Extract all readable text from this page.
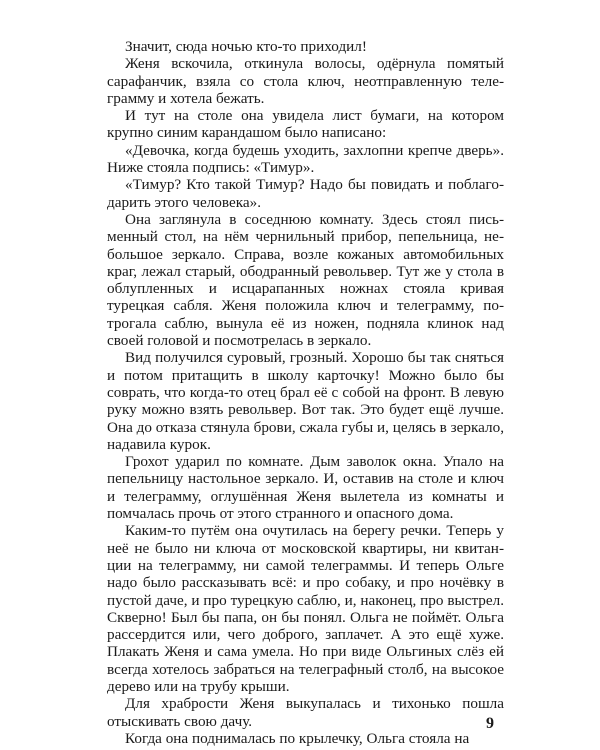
Значит, сюда ночью кто-то приходил!

Женя вскочила, откинула волосы, одёрнула помятый сарафанчик, взяла со стола ключ, неотправленную телеграмму и хотела бежать.

И тут на столе она увидела лист бумаги, на котором крупно синим карандашом было написано:

«Девочка, когда будешь уходить, захлопни крепче дверь». Ниже стояла подпись: «Тимур».

«Тимур? Кто такой Тимур? Надо бы повидать и поблагодарить этого человека».

Она заглянула в соседнюю комнату. Здесь стоял письменный стол, на нём чернильный прибор, пепельница, небольшое зеркало. Справа, возле кожаных автомобильных краг, лежал старый, ободранный револьвер. Тут же у стола в облупленных и исцарапанных ножнах стояла кривая турецкая сабля. Женя положила ключ и телеграмму, потрогала саблю, вынула её из ножен, подняла клинок над своей головой и посмотрелась в зеркало.

Вид получился суровый, грозный. Хорошо бы так сняться и потом притащить в школу карточку! Можно было бы соврать, что когда-то отец брал её с собой на фронт. В левую руку можно взять револьвер. Вот так. Это будет ещё лучше. Она до отказа стянула брови, сжала губы и, целясь в зеркало, надавила курок.

Грохот ударил по комнате. Дым заволок окна. Упало на пепельницу настольное зеркало. И, оставив на столе и ключ и телеграмму, оглушённая Женя вылетела из комнаты и помчалась прочь от этого странного и опасного дома.

Каким-то путём она очутилась на берегу речки. Теперь у неё не было ни ключа от московской квартиры, ни квитанции на телеграмму, ни самой телеграммы. И теперь Ольге надо было рассказывать всё: и про собаку, и про ночёвку в пустой даче, и про турецкую саблю, и, наконец, про выстрел. Скверно! Был бы папа, он бы понял. Ольга не поймёт. Ольга рассердится или, чего доброго, заплачет. А это ещё хуже. Плакать Женя и сама умела. Но при виде Ольгиных слёз ей всегда хотелось забраться на телеграфный столб, на высокое дерево или на трубу крыши.

Для храбрости Женя выкупалась и тихонько пошла отыскивать свою дачу.

Когда она поднималась по крылечку, Ольга стояла на

9
